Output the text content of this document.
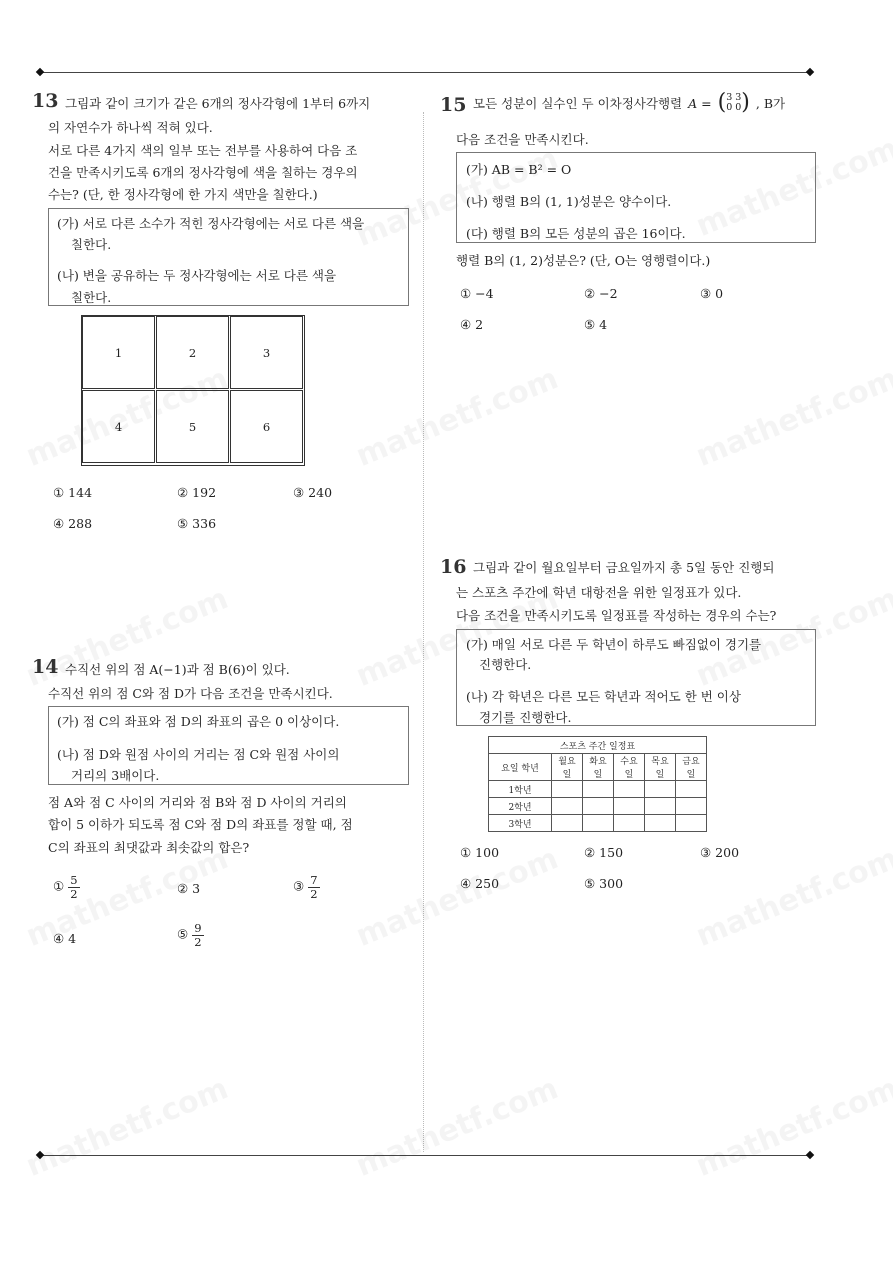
13 그림과 같이 크기가 같은 6개의 정사각형에 1부터 6까지
의 자연수가 하나씩 적혀 있다.
서로 다른 4가지 색의 일부 또는 전부를 사용하여 다음 조
건을 만족시키도록 6개의 정사각형에 색을 칠하는 경우의
수는? (단, 한 정사각형에 한 가지 색만을 칠한다.)
(가) 서로 다른 소수가 적힌 정사각형에는 서로 다른 색을
칠한다.
(나) 변을 공유하는 두 정사각형에는 서로 다른 색을
칠한다.
1	2	3
4	5	6
① 144	② 192	③ 240
④ 288	⑤ 336
14 수직선 위의 점 A(−1)과 점 B(6)이 있다.
수직선 위의 점 C와 점 D가 다음 조건을 만족시킨다.
(가) 점 C의 좌표와 점 D의 좌표의 곱은 0 이상이다.
(나) 점 D와 원점 사이의 거리는 점 C와 원점 사이의
거리의 3배이다.
점 A와 점 C 사이의 거리와 점 B와 점 D 사이의 거리의
합이 5 이하가 되도록 점 C와 점 D의 좌표를 정할 때, 점
C의 좌표의 최댓값과 최솟값의 합은?
① $\frac{5}{2}$	② 3	③ $\frac{7}{2}$
④ 4	⑤ $\frac{9}{2}$
15 모든 성분이 실수인 두 이차정사각행렬 A = ( 3 3
0 0 ) , B가
다음 조건을 만족시킨다.
(가) AB = B² = O
(나) 행렬 B의 (1, 1)성분은 양수이다.
(다) 행렬 B의 모든 성분의 곱은 16이다.
행렬 B의 (1, 2)성분은? (단, O는 영행렬이다.)
① −4	② −2	③ 0
④ 2	⑤ 4
16 그림과 같이 월요일부터 금요일까지 총 5일 동안 진행되
는 스포츠 주간에 학년 대항전을 위한 일정표가 있다.
다음 조건을 만족시키도록 일정표를 작성하는 경우의 수는?
(가) 매일 서로 다른 두 학년이 하루도 빠짐없이 경기를
진행한다.
(나) 각 학년은 다른 모든 학년과 적어도 한 번 이상
경기를 진행한다.
스포츠 주간 일정표					
요일 학년	월요일	화요일	수요일	목요일	금요일
1학년					
2학년					
3학년					
① 100	② 150	③ 200
④ 250	⑤ 300
